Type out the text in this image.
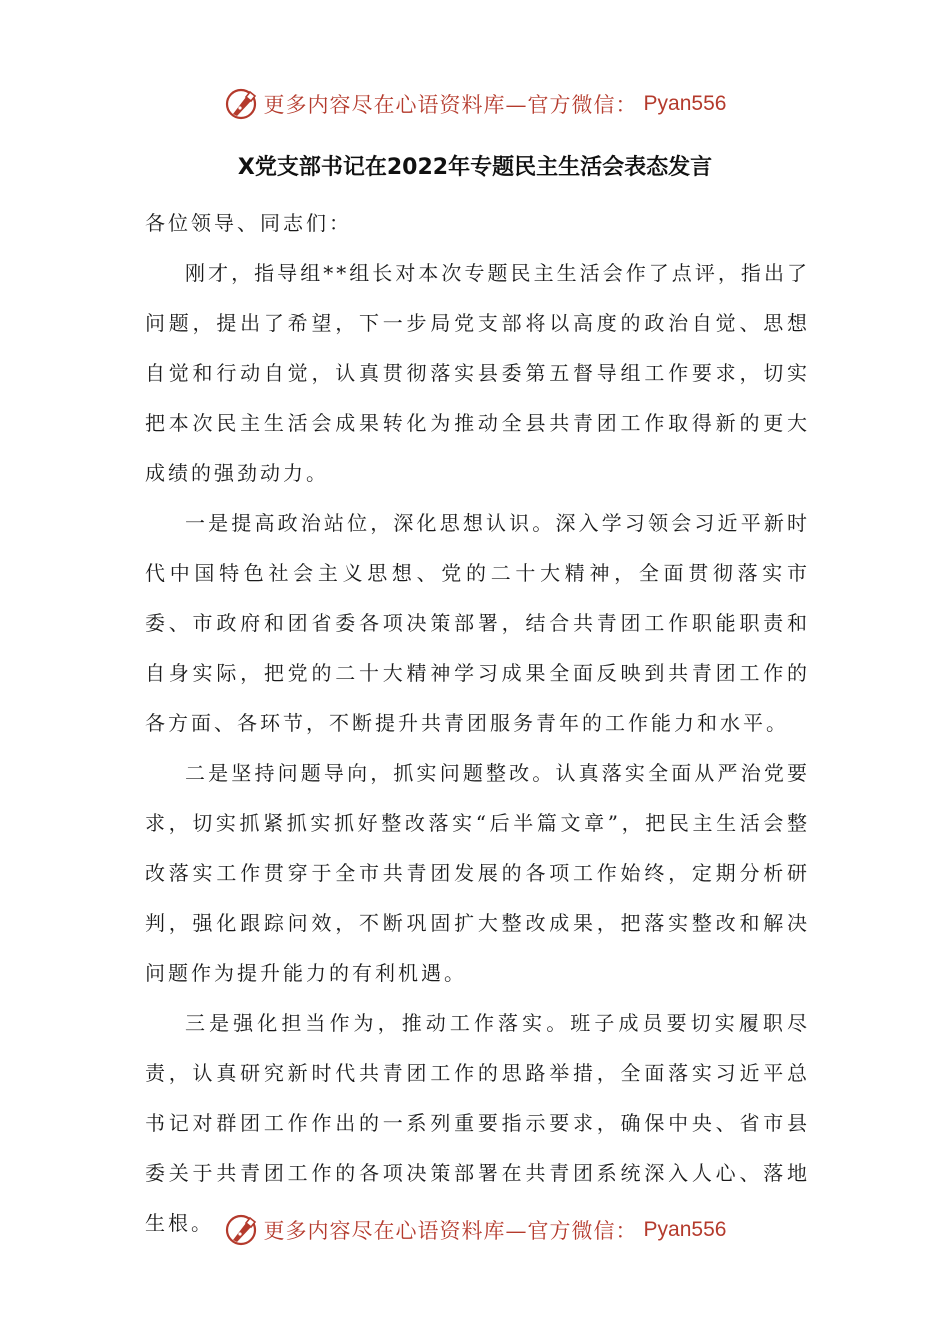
更多内容尽在心语资料库—官方微信： Pyan556
X党支部书记在2022年专题民主生活会表态发言

各位领导、同志们：

刚才，指导组**组长对本次专题民主生活会作了点评，指出了问题，提出了希望，下一步局党支部将以高度的政治自觉、思想自觉和行动自觉，认真贯彻落实县委第五督导组工作要求，切实把本次民主生活会成果转化为推动全县共青团工作取得新的更大成绩的强劲动力。

一是提高政治站位，深化思想认识。深入学习领会习近平新时代中国特色社会主义思想、党的二十大精神，全面贯彻落实市委、市政府和团省委各项决策部署，结合共青团工作职能职责和自身实际，把党的二十大精神学习成果全面反映到共青团工作的各方面、各环节，不断提升共青团服务青年的工作能力和水平。

二是坚持问题导向，抓实问题整改。认真落实全面从严治党要求，切实抓紧抓实抓好整改落实“后半篇文章”，把民主生活会整改落实工作贯穿于全市共青团发展的各项工作始终，定期分析研判，强化跟踪问效，不断巩固扩大整改成果，把落实整改和解决问题作为提升能力的有利机遇。

三是强化担当作为，推动工作落实。班子成员要切实履职尽责，认真研究新时代共青团工作的思路举措，全面落实习近平总书记对群团工作作出的一系列重要指示要求，确保中央、省市县委关于共青团工作的各项决策部署在共青团系统深入人心、落地生根。	更多内容尽在心语资料库—官方微信： Pyan556
